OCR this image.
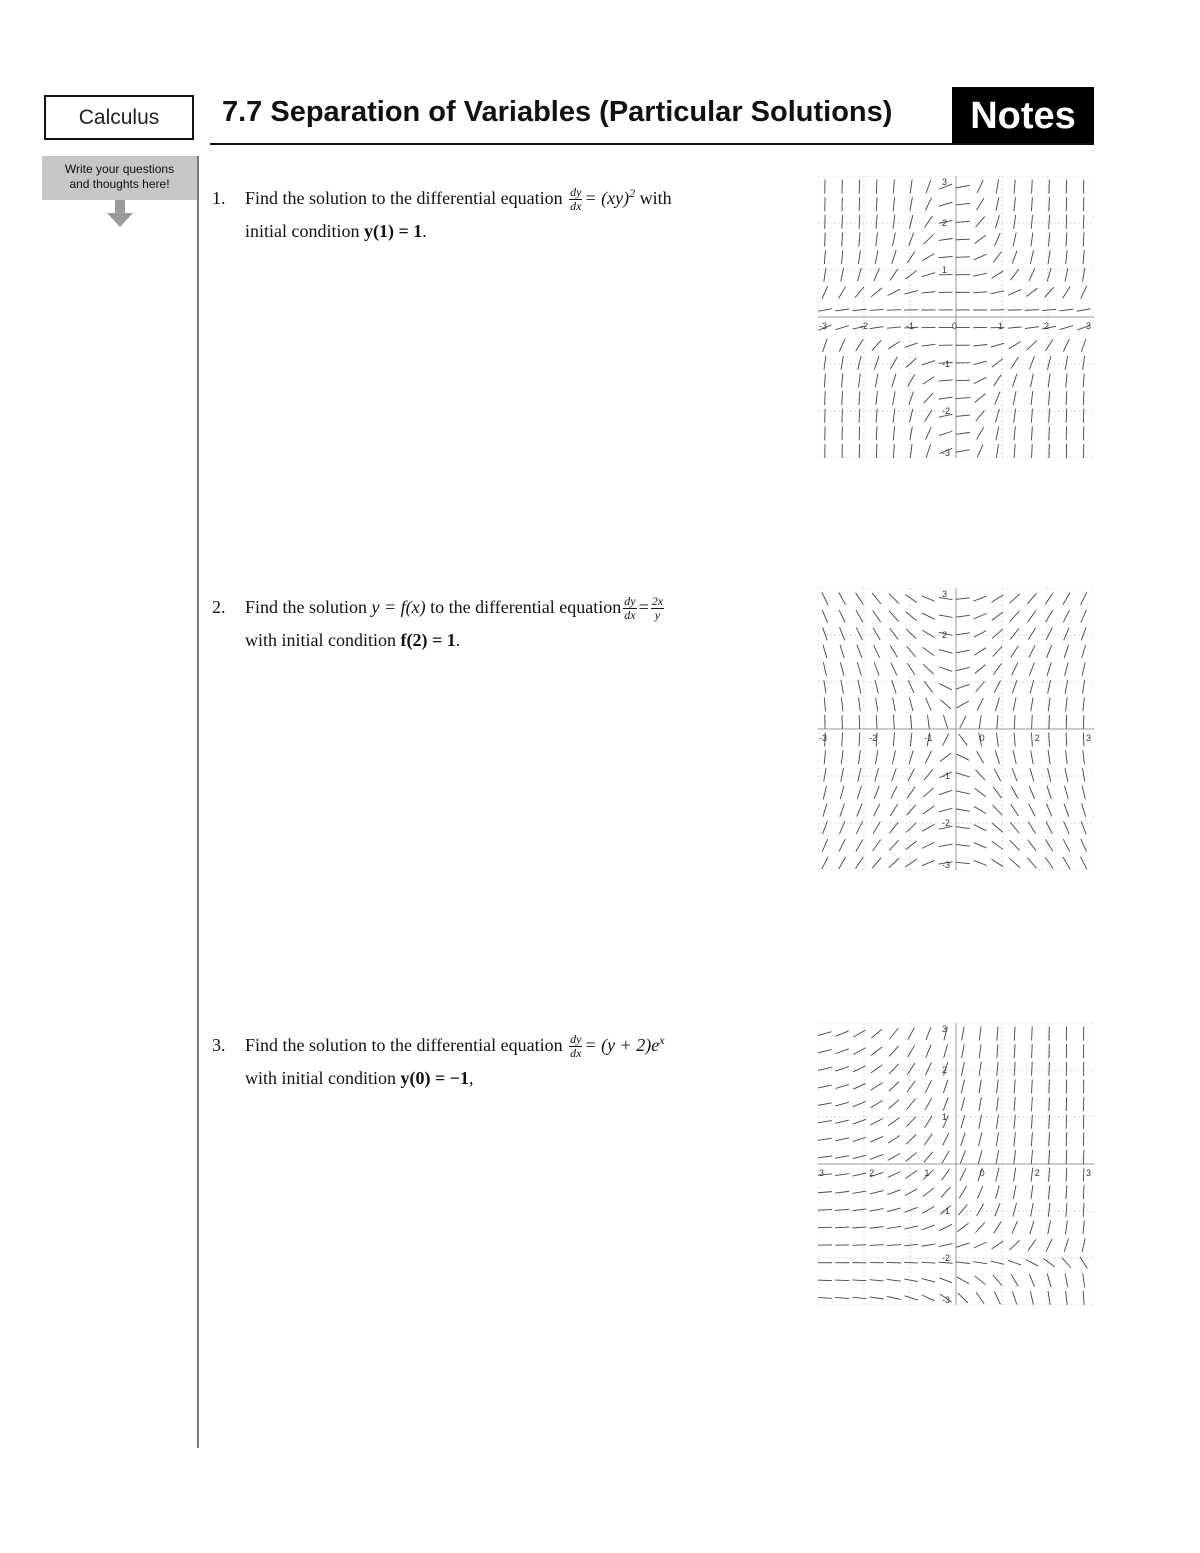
Calculus	7.7 Separation of Variables (Particular Solutions)	Notes
Write your questions
and thoughts here!
1.	Find the solution to the differential equation $\frac{dy}{dx} = (xy)^2$ with
initial condition y(1) = 1.
2.	Find the solution y = f(x) to the differential equation $\frac{dy}{dx} = \frac{2x}{y}$

with initial condition f(2) = 1.
3.	Find the solution to the differential equation $\frac{dy}{dx} = (y + 2)e^x$
with initial condition y(0) = −1,
-3	-2	-1	0	1	2	3
3
2
1
-1
-2
-3
-3	-2	-1	0	2	3
3
2
-1
-2
-3
3	2	1	0	2	3
3
2
1
-1
-2
-3
